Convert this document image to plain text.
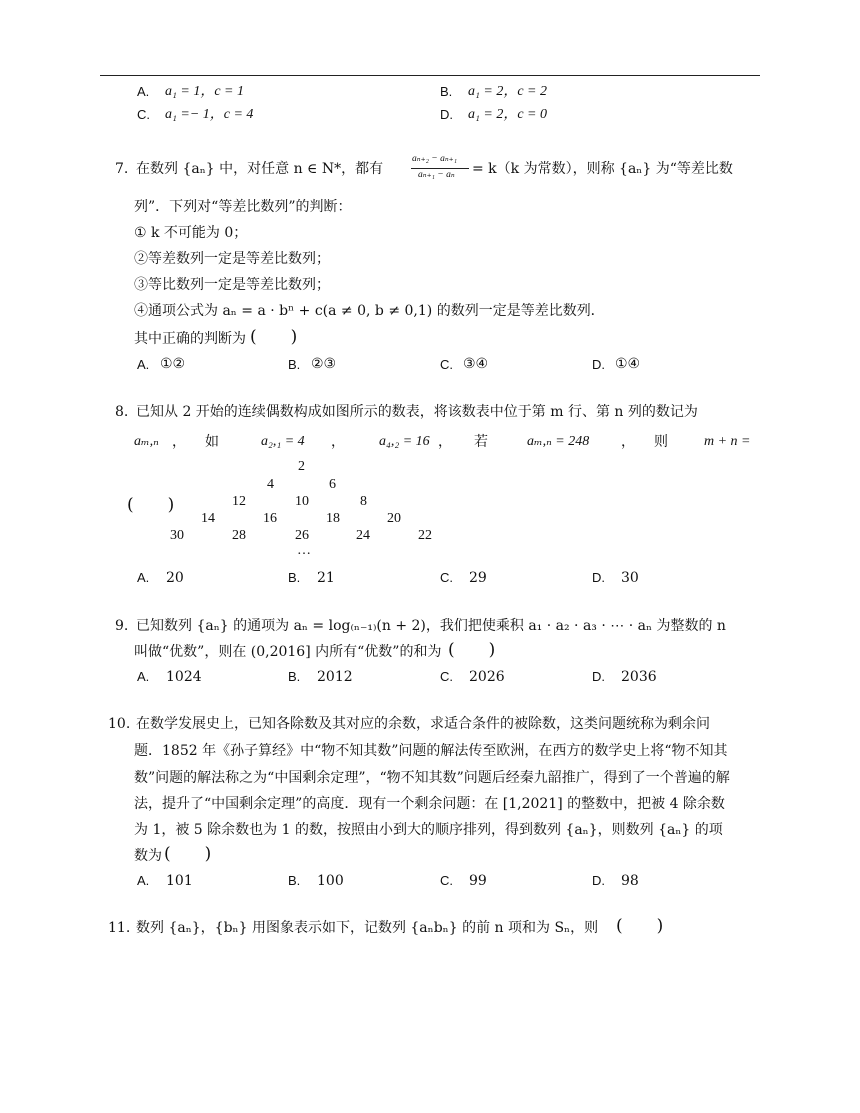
A. a₁ = 1，c = 1	B. a₁ = 2，c = 2
C. a₁ =− 1，c = 4	D. a₁ = 2，c = 0
7. 在数列 {aₙ} 中，对任意 n ∈ N*，都有
aₙ₊₂ − aₙ₊₁
aₙ₊₁ − aₙ = k（k 为常数），则称 {aₙ} 为“等差比数
列”．下列对“等差比数列”的判断：
① k 不可能为 0；
②等差数列一定是等差比数列；
③等比数列一定是等差比数列；
④通项公式为 aₙ = a · bⁿ + c(a ≠ 0, b ≠ 0,1) 的数列一定是等差比数列．
其中正确的判断为 (　　)
A. ①②	B. ②③	C. ③④	D. ①④
8. 已知从 2 开始的连续偶数构成如图所示的数表，将该数表中位于第 m 行、第 n 列的数记为
aₘ,ₙ ， 如	a₂,₁ = 4 ， a₄,₂ = 16 ， 若	aₘ,ₙ = 248 ， 则	m + n =
(　　)
2
4	6
12	10	8
14	16	18	20
30	28	26	24	22
…
A. 20	B. 21	C. 29	D. 30
9. 已知数列 {aₙ} 的通项为 aₙ = log₍ₙ₋₁₎(n + 2)，我们把使乘积 a₁ · a₂ · a₃ · ⋯ · aₙ 为整数的 n
叫做“优数”，则在 (0,2016] 内所有“优数”的和为 (　　)
A. 1024	B. 2012	C. 2026	D. 2036
10. 在数学发展史上，已知各除数及其对应的余数，求适合条件的被除数，这类问题统称为剩余问
题．1852 年《孙子算经》中“物不知其数”问题的解法传至欧洲，在西方的数学史上将“物不知其
数”问题的解法称之为“中国剩余定理”，“物不知其数”问题后经秦九韶推广，得到了一个普遍的解
法，提升了“中国剩余定理”的高度．现有一个剩余问题：在 [1,2021] 的整数中，把被 4 除余数
为 1，被 5 除余数也为 1 的数，按照由小到大的顺序排列，得到数列 {aₙ}，则数列 {aₙ} 的项
数为 (　　)
A. 101	B. 100	C. 99	D. 98
11. 数列 {aₙ}，{bₙ} 用图象表示如下，记数列 {aₙbₙ} 的前 n 项和为 Sₙ，则 (　　)
